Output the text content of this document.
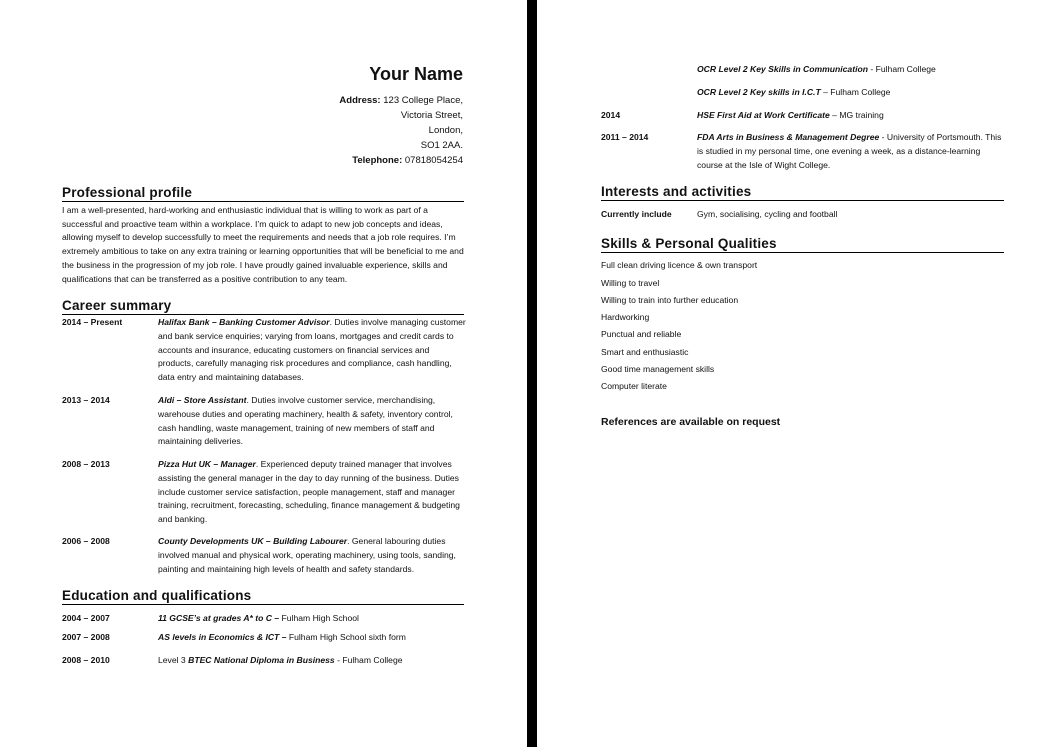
Your Name
Address: 123 College Place,
Victoria Street,
London,
SO1 2AA.
Telephone: 07818054254
Professional profile
I am a well-presented, hard-working and enthusiastic individual that is willing to work as part of a successful and proactive team within a workplace. I’m quick to adapt to new job concepts and ideas, allowing myself to develop successfully to meet the requirements and needs that a job role requires. I’m extremely ambitious to take on any extra training or learning opportunities that will be beneficial to me and the business in the progression of my job role. I have proudly gained invaluable experience, skills and qualifications that can be transferred as a positive contribution to any team.
Career summary
2014 – Present	Halifax Bank – Banking Customer Advisor. Duties involve managing customer and bank service enquiries; varying from loans, mortgages and credit cards to accounts and insurance, educating customers on financial services and products, carefully managing risk procedures and compliance, cash handling, data entry and maintaining databases.
2013 – 2014	Aldi – Store Assistant. Duties involve customer service, merchandising, warehouse duties and operating machinery, health & safety, inventory control, cash handling, waste management, training of new members of staff and maintaining deliveries.
2008 – 2013	Pizza Hut UK – Manager. Experienced deputy trained manager that involves assisting the general manager in the day to day running of the business. Duties include customer service satisfaction, people management, staff and manager training, recruitment, forecasting, scheduling, finance management & budgeting and banking.
2006 – 2008	County Developments UK – Building Labourer. General labouring duties involved manual and physical work, operating machinery, using tools, sanding, painting and maintaining high levels of health and safety standards.
Education and qualifications
2004 – 2007	11 GCSE’s at grades A* to C – Fulham High School
2007 – 2008	AS levels in Economics & ICT – Fulham High School sixth form
2008 – 2010	Level 3 BTEC National Diploma in Business - Fulham College
OCR Level 2 Key Skills in Communication - Fulham College
OCR Level 2 Key skills in I.C.T – Fulham College
2014	HSE First Aid at Work Certificate – MG training
2011 – 2014	FDA Arts in Business & Management Degree - University of Portsmouth. This is studied in my personal time, one evening a week, as a distance-learning course at the Isle of Wight College.
Interests and activities
Currently include	Gym, socialising, cycling and football
Skills & Personal Qualities
Full clean driving licence & own transport
Willing to travel
Willing to train into further education
Hardworking
Punctual and reliable
Smart and enthusiastic
Good time management skills
Computer literate
References are available on request
